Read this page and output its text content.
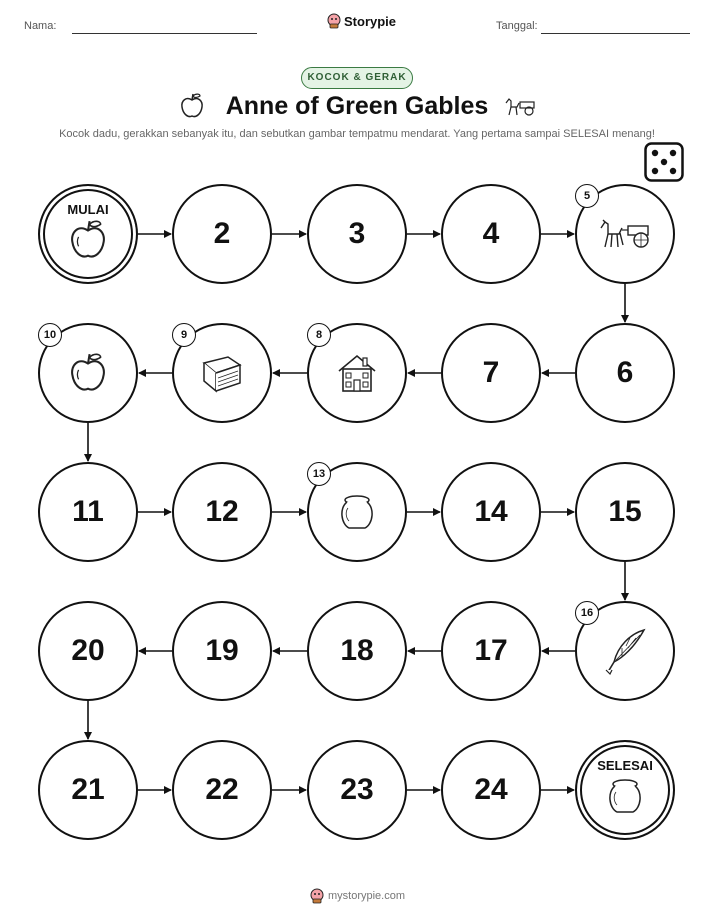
Nama:	Storypie	Tanggal:
KOCOK & GERAK
Anne of Green Gables
Kocok dadu, gerakkan sebanyak itu, dan sebutkan gambar tempatmu mendarat. Yang pertama sampai SELESAI menang!
MULAI
2	3	4
5
6
7
8
9
10
11	12
13
14	15
16
17
18
19
20
21	22	23	24
SELESAI
mystorypie.com
